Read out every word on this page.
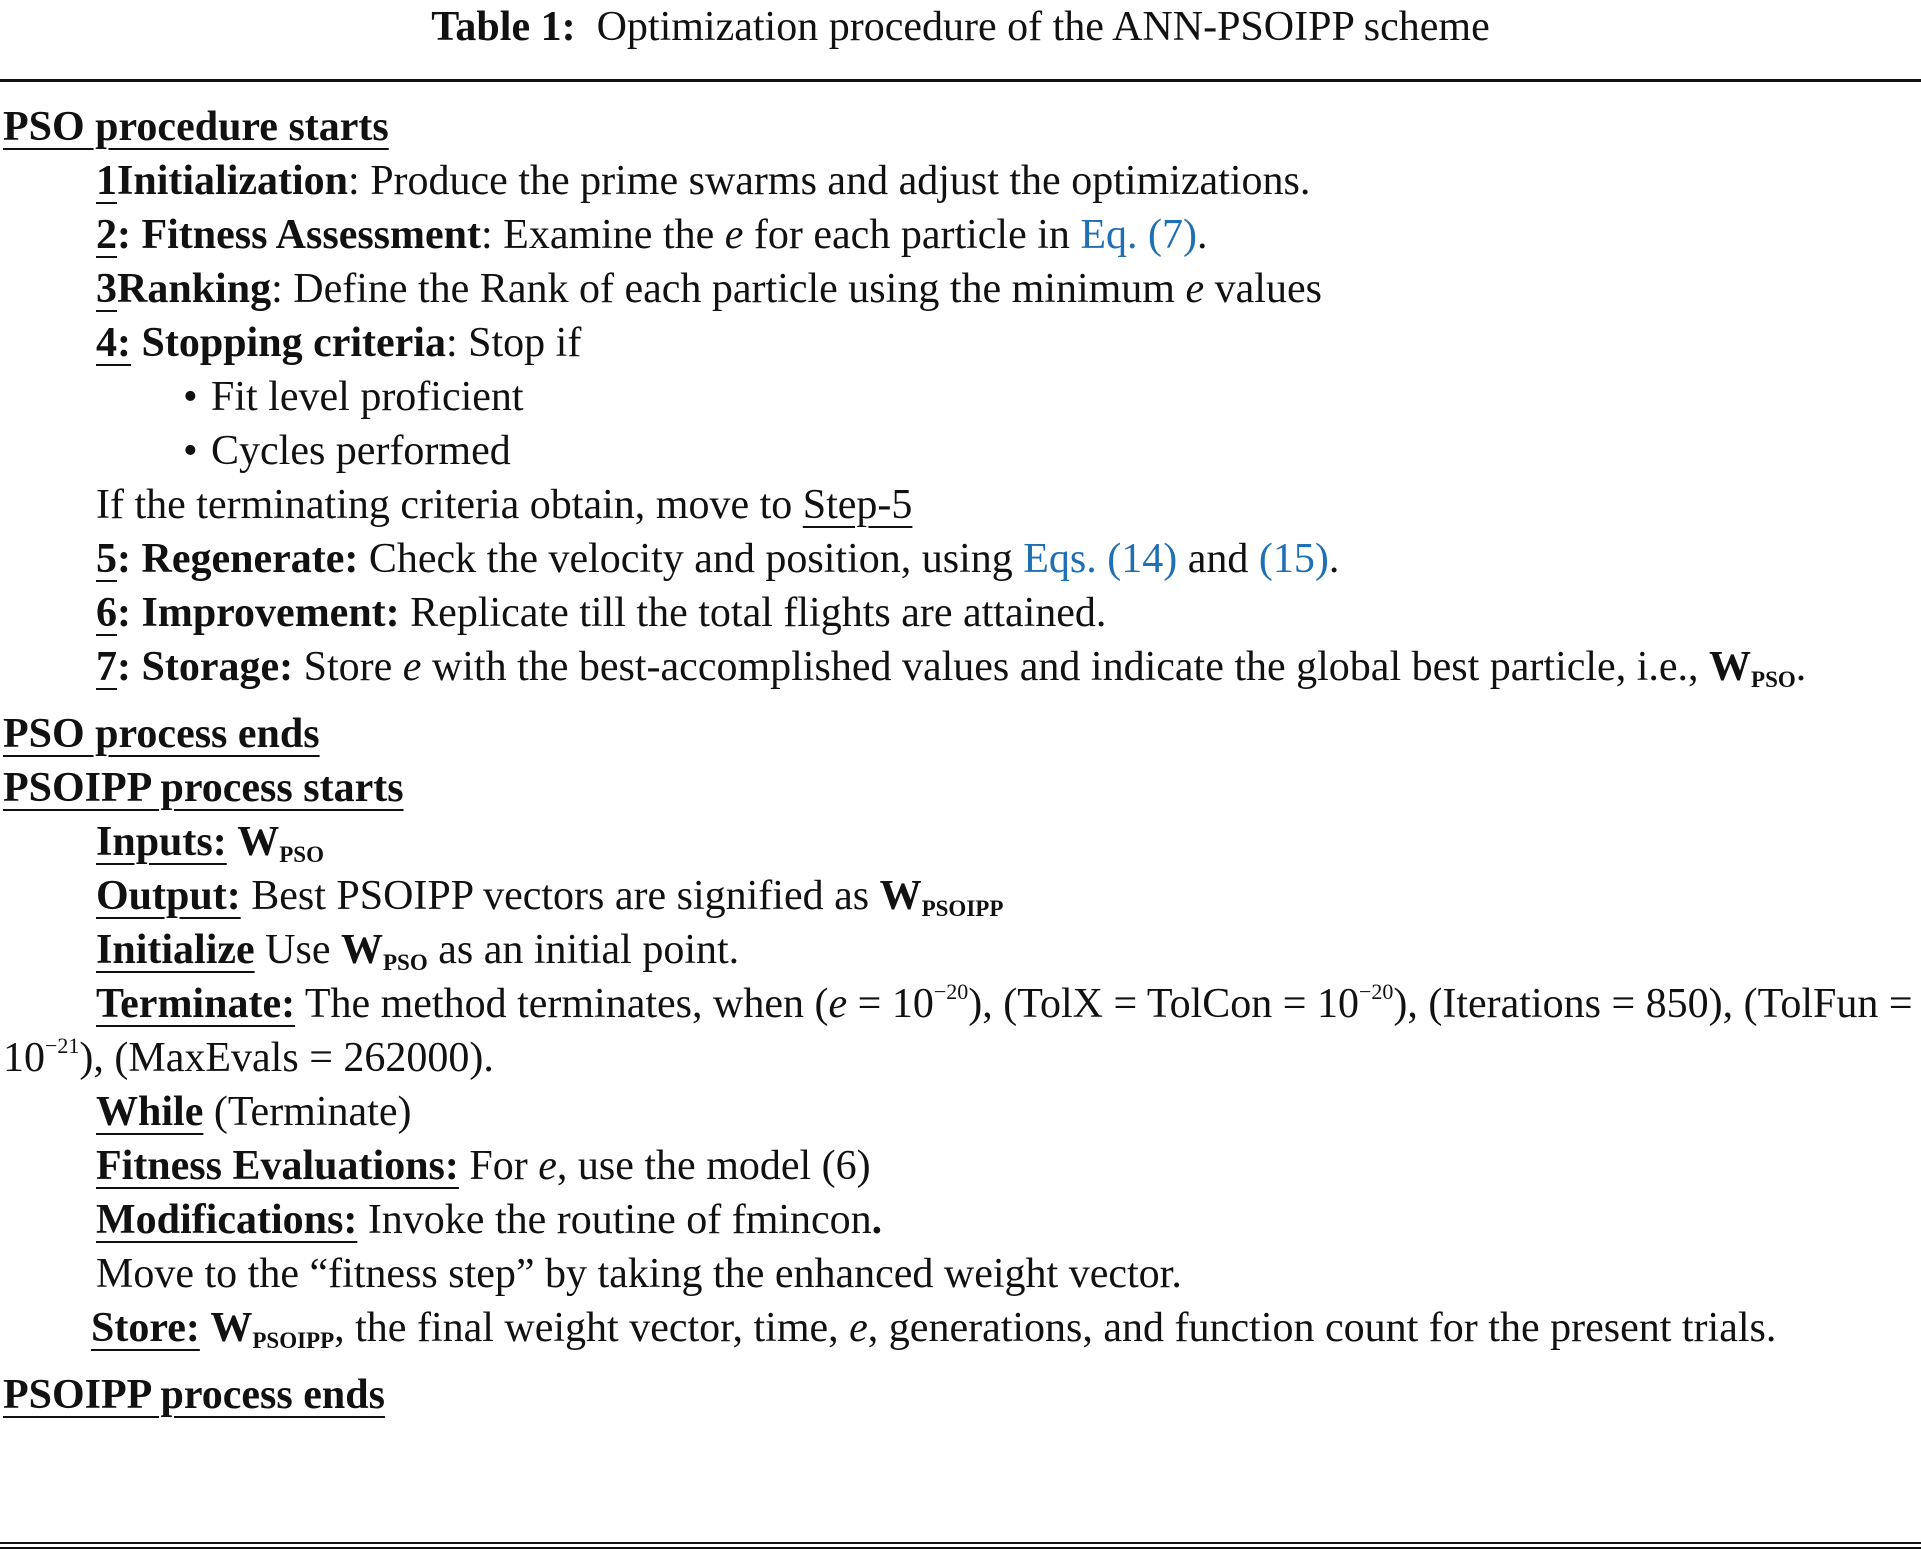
Table 1: Optimization procedure of the ANN-PSOIPP scheme
PSO procedure starts
1Initialization: Produce the prime swarms and adjust the optimizations.
2: Fitness Assessment: Examine the e for each particle in Eq. (7).
3Ranking: Define the Rank of each particle using the minimum e values
4: Stopping criteria: Stop if
• Fit level proficient
• Cycles performed
If the terminating criteria obtain, move to Step-5
5: Regenerate: Check the velocity and position, using Eqs. (14) and (15).
6: Improvement: Replicate till the total flights are attained.
7: Storage: Store e with the best-accomplished values and indicate the global best particle, i.e., $W_{PSO}$.
PSO process ends
PSOIPP process starts
Inputs: $W_{PSO}$
Output: Best PSOIPP vectors are signified as $W_{PSOIPP}$
Initialize Use $W_{PSO}$ as an initial point.
Terminate: The method terminates, when $(e = 10^{-20})$, (TolX = TolCon = $10^{-20}$), (Iterations = 850), (TolFun = $10^{-21}$), (MaxEvals = 262000).
While (Terminate)
Fitness Evaluations: For e, use the model (6)
Modifications: Invoke the routine of fmincon.
Move to the “fitness step” by taking the enhanced weight vector.
Store: $W_{PSOIPP}$, the final weight vector, time, e, generations, and function count for the present trials.
PSOIPP process ends
